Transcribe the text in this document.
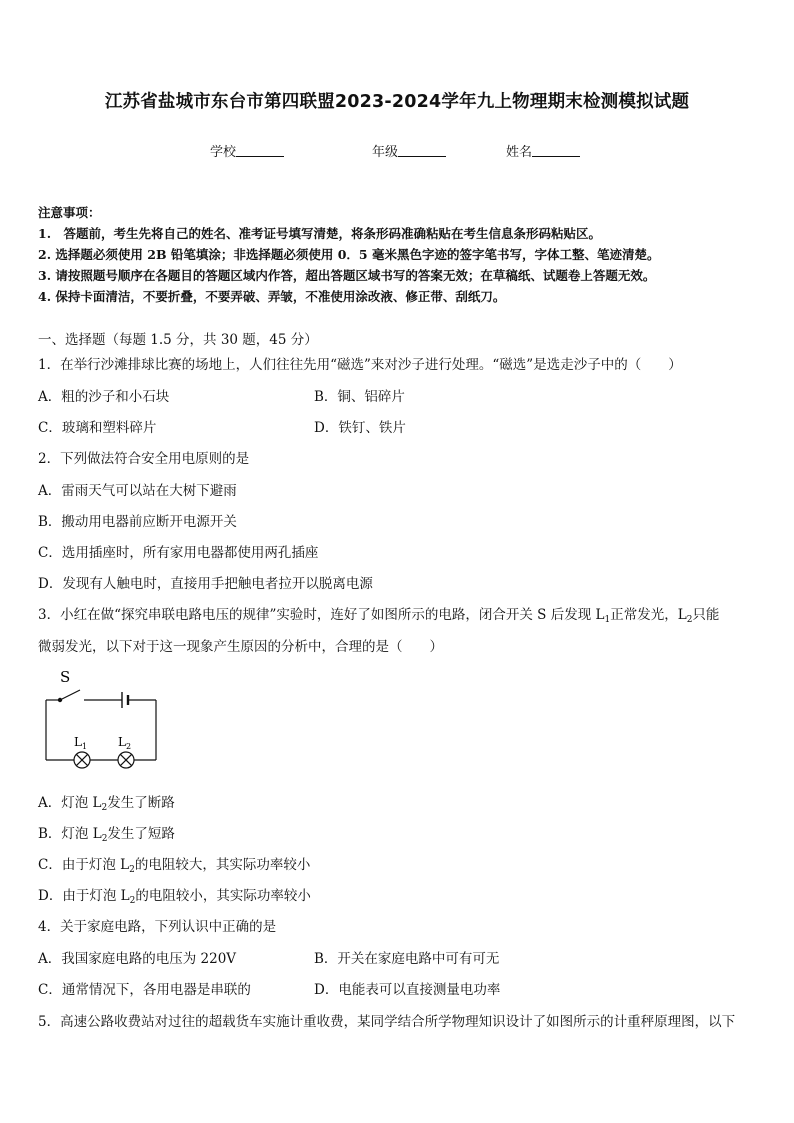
江苏省盐城市东台市第四联盟2023-2024学年九上物理期末检测模拟试题
学校	年级	姓名
注意事项：
1.　答题前，考生先将自己的姓名、准考证号填写清楚，将条形码准确粘贴在考生信息条形码粘贴区。
2. 选择题必须使用 2B 铅笔填涂；非选择题必须使用 0．5 毫米黑色字迹的签字笔书写，字体工整、笔迹清楚。
3. 请按照题号顺序在各题目的答题区域内作答，超出答题区域书写的答案无效；在草稿纸、试题卷上答题无效。
4. 保持卡面清洁，不要折叠，不要弄破、弄皱，不准使用涂改液、修正带、刮纸刀。
一、选择题（每题 1.5 分，共 30 题，45 分）
1．在举行沙滩排球比赛的场地上，人们往往先用“磁选”来对沙子进行处理。“磁选”是选走沙子中的（　　）
A．粗的沙子和小石块	B．铜、铝碎片
C．玻璃和塑料碎片	D．铁钉、铁片
2．下列做法符合安全用电原则的是
A．雷雨天气可以站在大树下避雨
B．搬动用电器前应断开电源开关
C．选用插座时，所有家用电器都使用两孔插座
D．发现有人触电时，直接用手把触电者拉开以脱离电源
3．小红在做“探究串联电路电压的规律”实验时，连好了如图所示的电路，闭合开关 S 后发现 $L_1$正常发光，$L_2$只能
微弱发光，以下对于这一现象产生原因的分析中，合理的是（　　）
S
$L_1$	$L_2$
A．灯泡 $L_2$发生了断路
B．灯泡 $L_2$发生了短路
C．由于灯泡 $L_2$的电阻较大，其实际功率较小
D．由于灯泡 $L_2$的电阻较小，其实际功率较小
4．关于家庭电路，下列认识中正确的是
A．我国家庭电路的电压为 220V	B．开关在家庭电路中可有可无
C．通常情况下，各用电器是串联的	D．电能表可以直接测量电功率
5．高速公路收费站对过往的超载货车实施计重收费，某同学结合所学物理知识设计了如图所示的计重秤原理图，以下
